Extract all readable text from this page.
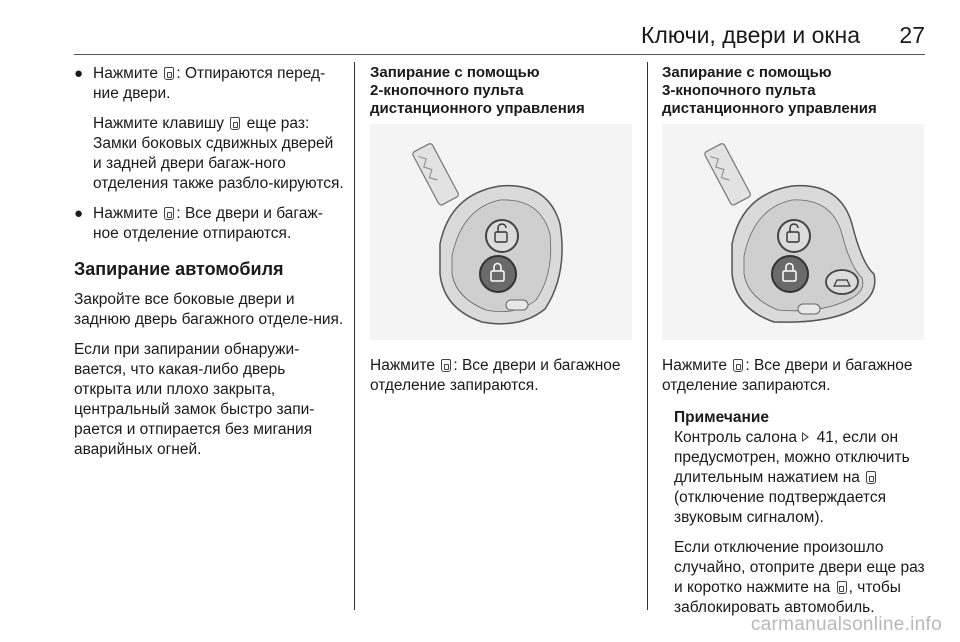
Ключи, двери и окна 27
● Нажмите : Отпираются перед-ние двери.
Нажмите клавишу  еще раз: Замки боковых сдвижных дверей и задней двери багаж-ного отделения также разбло-кируются.
● Нажмите : Все двери и багаж-ное отделение отпираются.
Запирание автомобиля

Закройте все боковые двери и заднюю дверь багажного отделе-ния.

Если при запирании обнаружи-вается, что какая-либо дверь открыта или плохо закрыта, центральный замок быстро запи-рается и отпирается без мигания аварийных огней.

Запирание с помощью
2-кнопочного пульта
дистанционного управления

Нажмите : Все двери и багажное отделение запираются.

Запирание с помощью
3-кнопочного пульта
дистанционного управления

Нажмите : Все двери и багажное отделение запираются.

Примечание

Контроль салона  41, если он предусмотрен, можно отключить длительным нажатием на  (отключение подтверждается звуковым сигналом).

Если отключение произошло случайно, отоприте двери еще раз и коротко нажмите на , чтобы заблокировать автомобиль.

carmanualsonline.info
